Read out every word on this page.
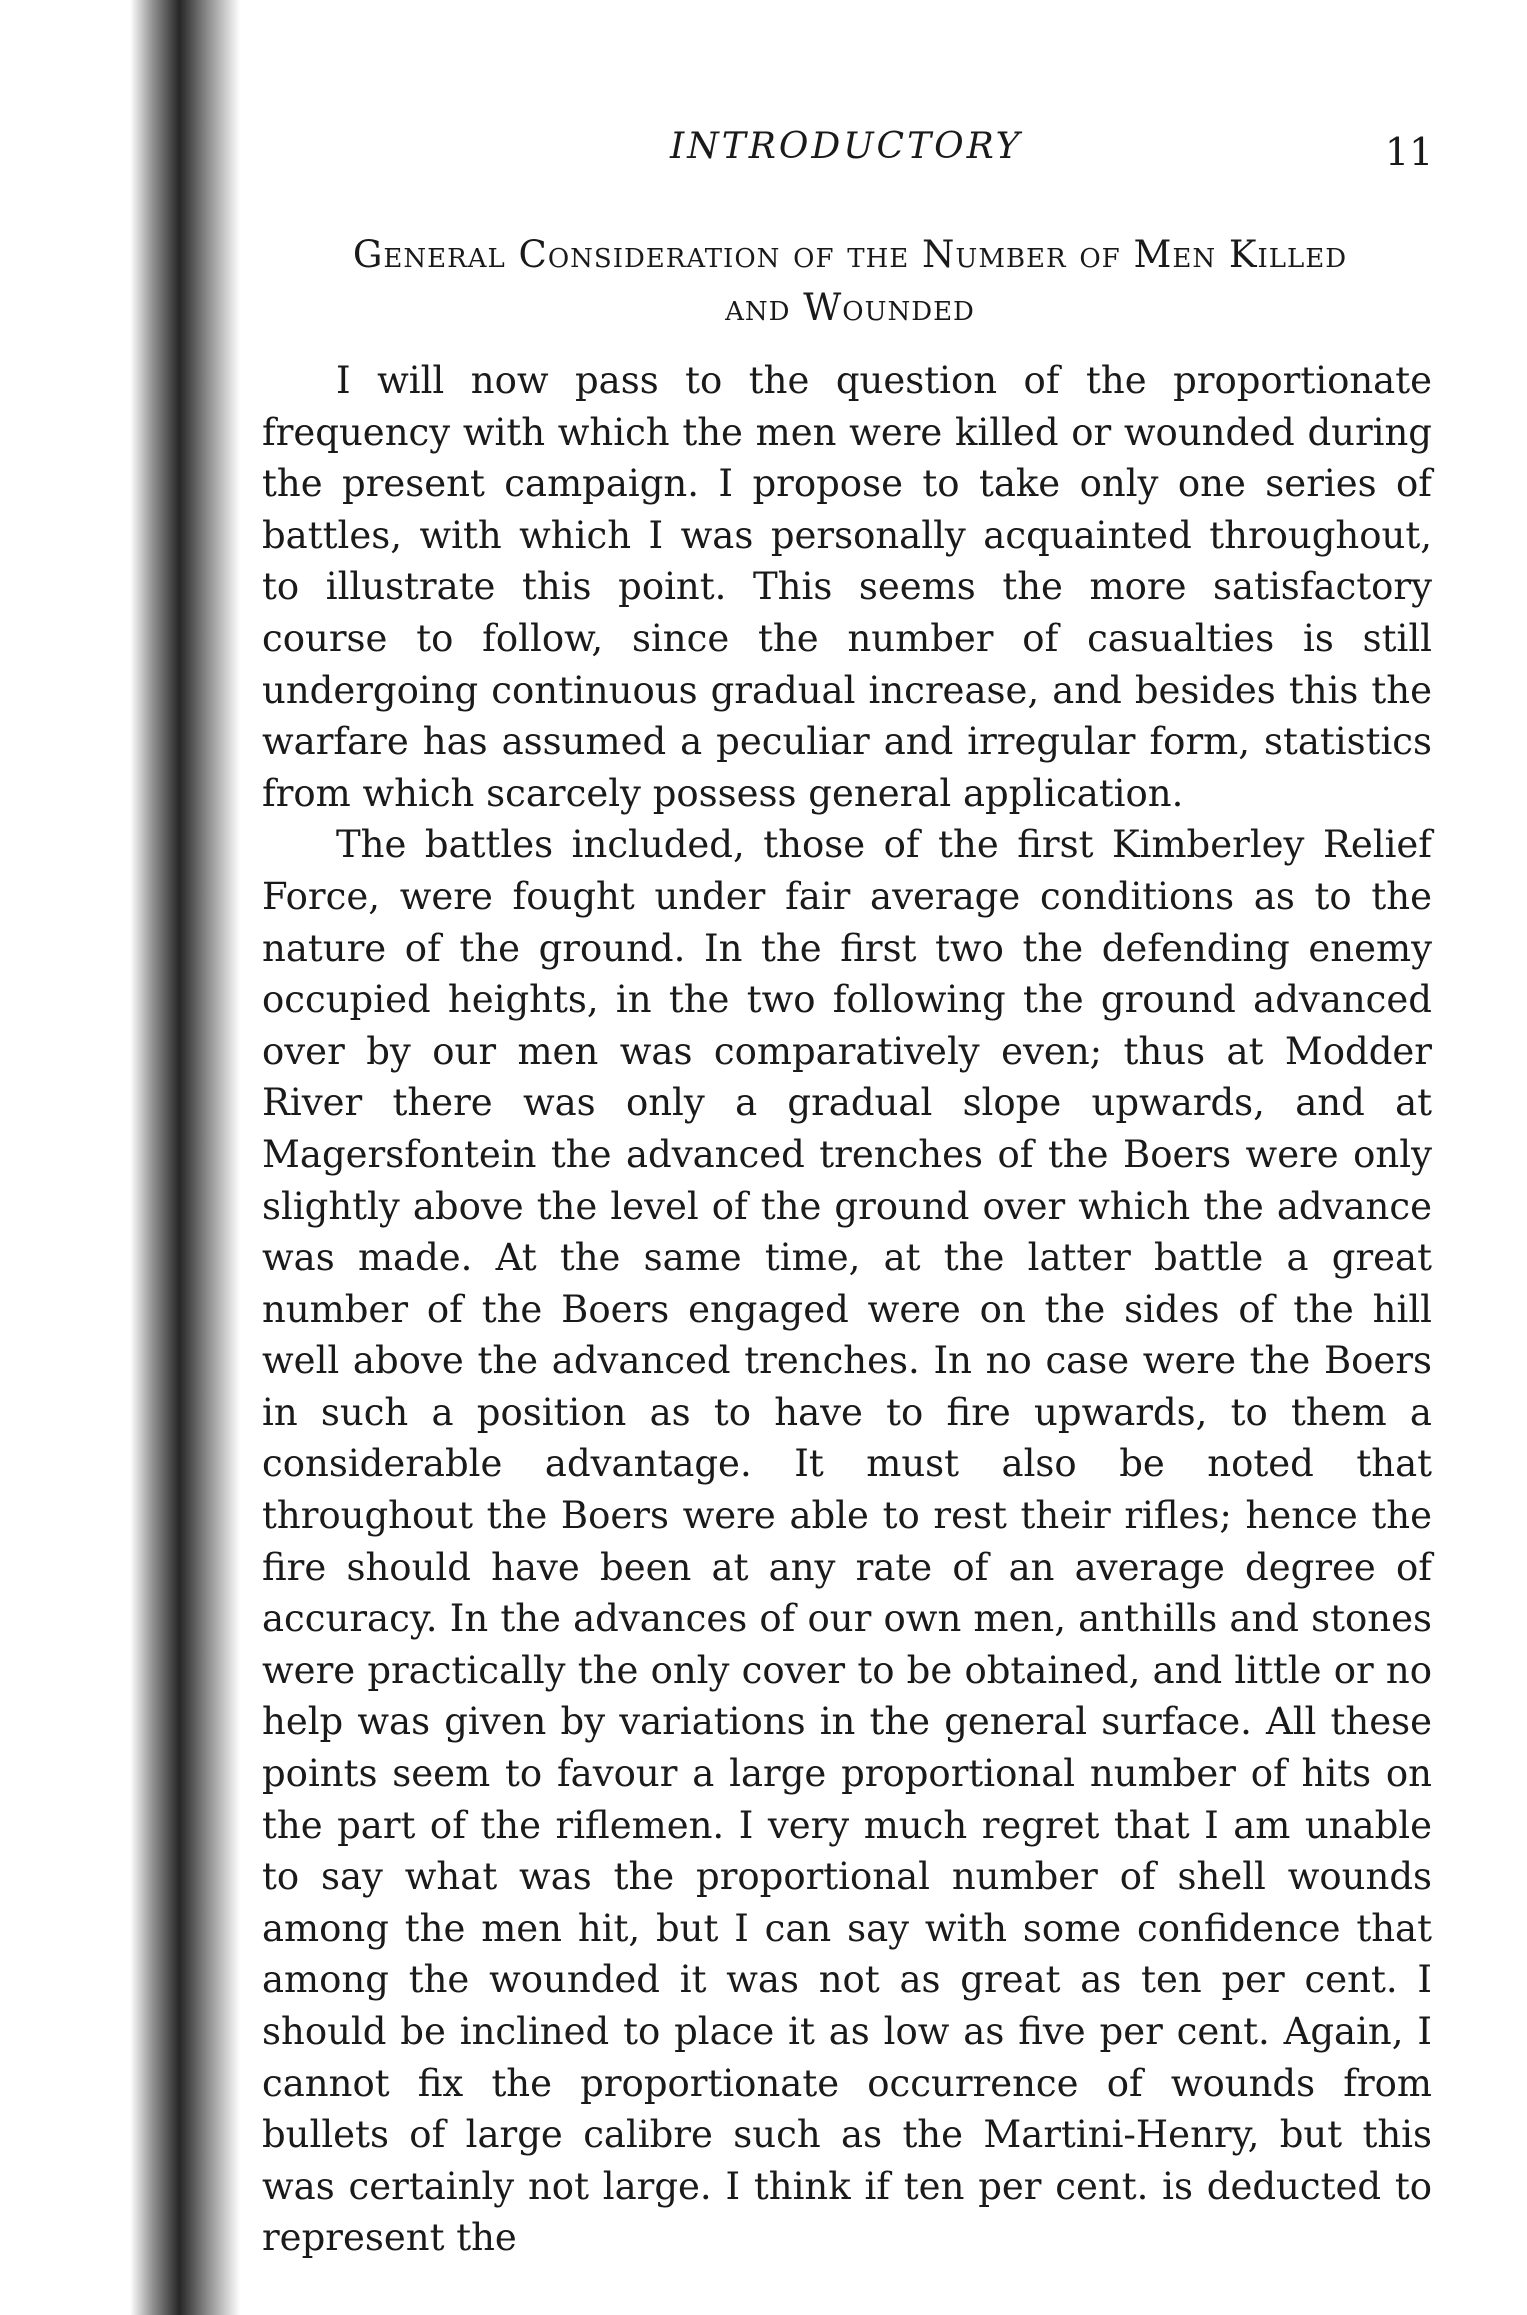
INTRODUCTORY	11
General Consideration of the Number of Men Killed
and Wounded

I will now pass to the question of the proportionate frequency with which the men were killed or wounded during the present campaign. I propose to take only one series of battles, with which I was personally acquainted throughout, to illustrate this point. This seems the more satisfactory course to follow, since the number of casualties is still undergoing continuous gradual increase, and besides this the warfare has assumed a peculiar and irregular form, statistics from which scarcely possess general application.

The battles included, those of the first Kimberley Relief Force, were fought under fair average conditions as to the nature of the ground. In the first two the defending enemy occupied heights, in the two following the ground advanced over by our men was comparatively even; thus at Modder River there was only a gradual slope upwards, and at Magersfontein the advanced trenches of the Boers were only slightly above the level of the ground over which the advance was made. At the same time, at the latter battle a great number of the Boers engaged were on the sides of the hill well above the advanced trenches. In no case were the Boers in such a position as to have to fire upwards, to them a considerable advantage. It must also be noted that throughout the Boers were able to rest their rifles; hence the fire should have been at any rate of an average degree of accuracy. In the advances of our own men, anthills and stones were practically the only cover to be obtained, and little or no help was given by variations in the general surface. All these points seem to favour a large proportional number of hits on the part of the riflemen. I very much regret that I am unable to say what was the proportional number of shell wounds among the men hit, but I can say with some confidence that among the wounded it was not as great as ten per cent. I should be inclined to place it as low as five per cent. Again, I cannot fix the proportionate occurrence of wounds from bullets of large calibre such as the Martini-Henry, but this was certainly not large. I think if ten per cent. is deducted to represent the
